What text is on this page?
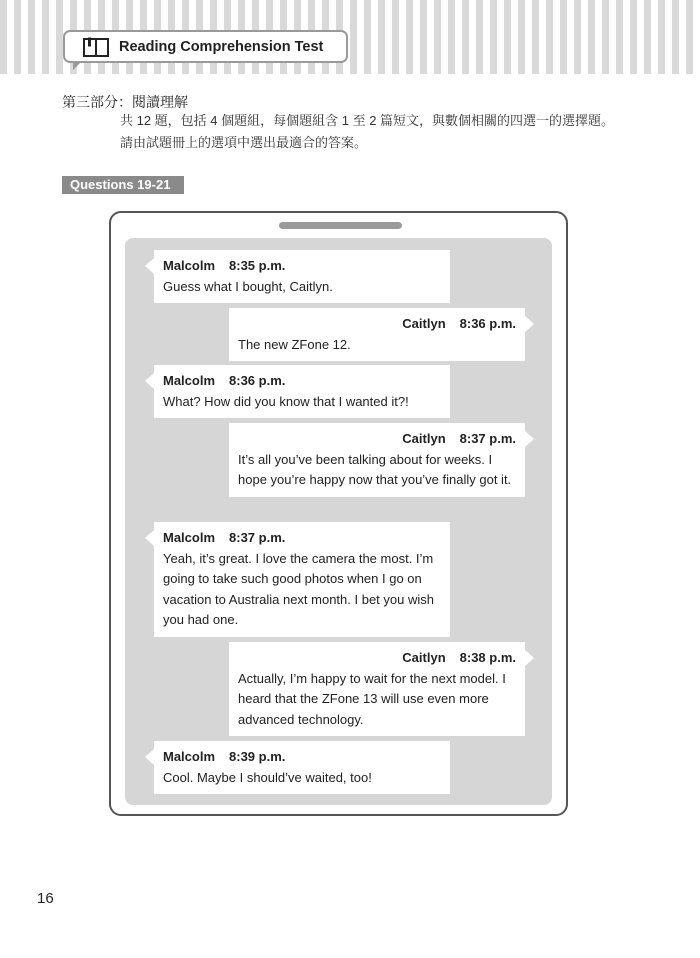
Reading Comprehension Test
第三部分：閱讀理解
共 12 題，包括 4 個題組，每個題組含 1 至 2 篇短文，與數個相關的四選一的選擇題。請由試題冊上的選項中選出最適合的答案。
Questions 19-21
Malcolm 8:35 p.m.
Guess what I bought, Caitlyn.
Caitlyn 8:36 p.m.
The new ZFone 12.
Malcolm 8:36 p.m.
What? How did you know that I wanted it?!
Caitlyn 8:37 p.m.
It’s all you’ve been talking about for weeks. I hope you’re happy now that you’ve finally got it.
Malcolm 8:37 p.m.
Yeah, it’s great. I love the camera the most. I’m going to take such good photos when I go on vacation to Australia next month. I bet you wish you had one.
Caitlyn 8:38 p.m.
Actually, I’m happy to wait for the next model. I heard that the ZFone 13 will use even more advanced technology.
Malcolm 8:39 p.m.
Cool. Maybe I should’ve waited, too!
16
